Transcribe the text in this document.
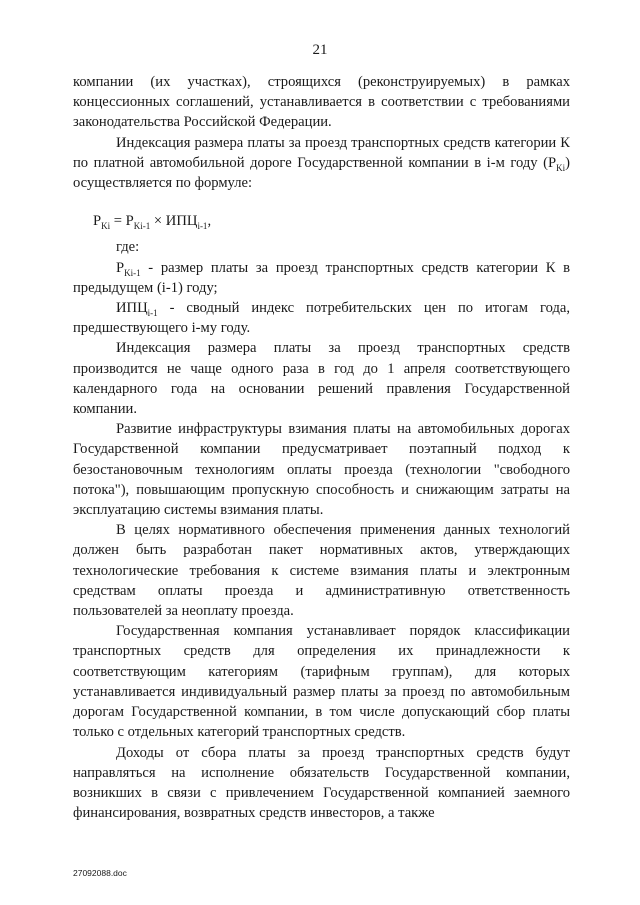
21

компании (их участках), строящихся (реконструируемых) в рамках концессионных соглашений, устанавливается в соответствии с требованиями законодательства Российской Федерации.

Индексация размера платы за проезд транспортных средств категории К по платной автомобильной дороге Государственной компании в i-м году $(P_{Ki})$ осуществляется по формуле:

$P_{Ki} = P_{Ki-1} \times ИПЦ_{i-1}$,

где:

$P_{Ki-1}$ - размер платы за проезд транспортных средств категории К в предыдущем (i-1) году;

$ИПЦ_{i-1}$ - сводный индекс потребительских цен по итогам года, предшествующего i-му году.

Индексация размера платы за проезд транспортных средств производится не чаще одного раза в год до 1 апреля соответствующего календарного года на основании решений правления Государственной компании.

Развитие инфраструктуры взимания платы на автомобильных дорогах Государственной компании предусматривает поэтапный подход к безостановочным технологиям оплаты проезда (технологии "свободного потока"), повышающим пропускную способность и снижающим затраты на эксплуатацию системы взимания платы.

В целях нормативного обеспечения применения данных технологий должен быть разработан пакет нормативных актов, утверждающих технологические требования к системе взимания платы и электронным средствам оплаты проезда и административную ответственность пользователей за неоплату проезда.

Государственная компания устанавливает порядок классификации транспортных средств для определения их принадлежности к соответствующим категориям (тарифным группам), для которых устанавливается индивидуальный размер платы за проезд по автомобильным дорогам Государственной компании, в том числе допускающий сбор платы только с отдельных категорий транспортных средств.

Доходы от сбора платы за проезд транспортных средств будут направляться на исполнение обязательств Государственной компании, возникших в связи с привлечением Государственной компанией заемного финансирования, возвратных средств инвесторов, а также

27092088.doc
